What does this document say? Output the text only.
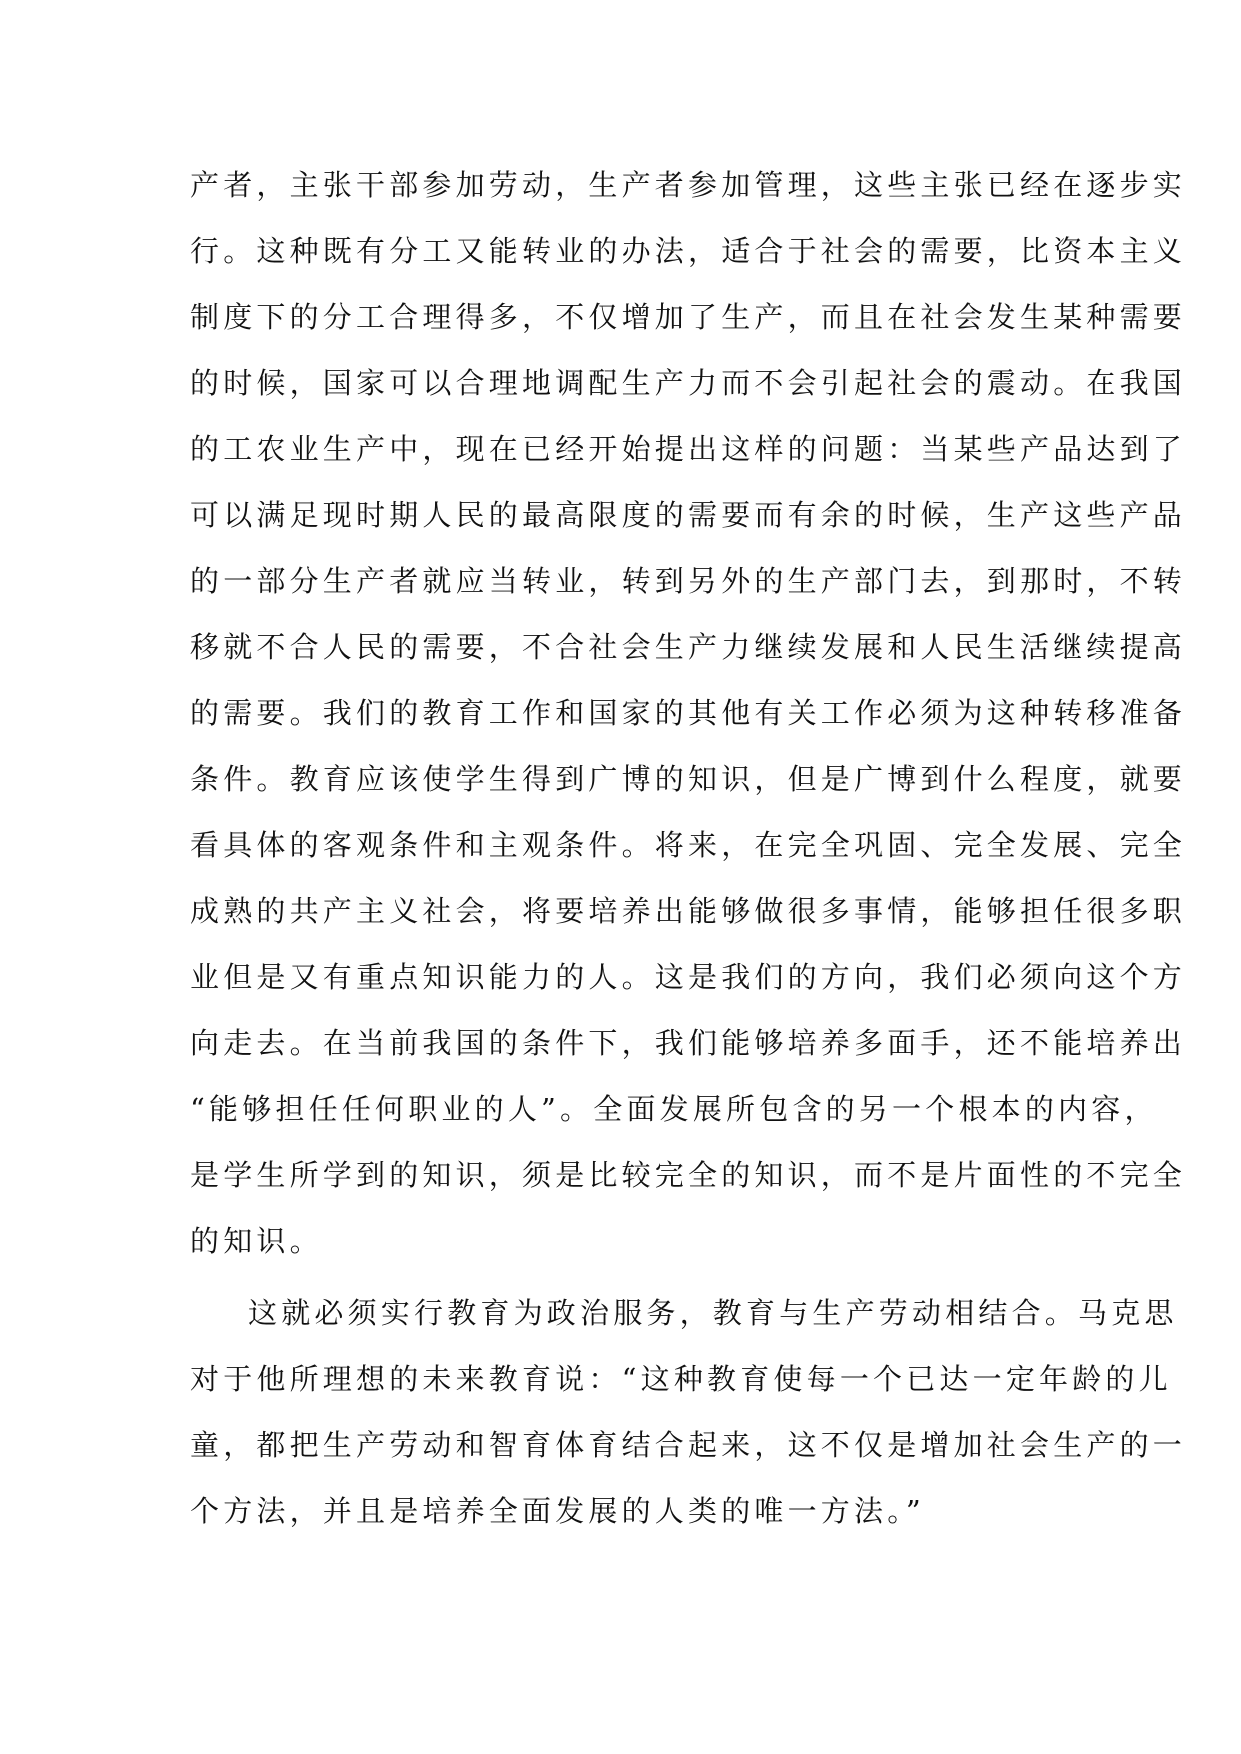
产者，主张干部参加劳动，生产者参加管理，这些主张已经在逐步实
行。这种既有分工又能转业的办法，适合于社会的需要，比资本主义
制度下的分工合理得多，不仅增加了生产，而且在社会发生某种需要
的时候，国家可以合理地调配生产力而不会引起社会的震动。在我国
的工农业生产中，现在已经开始提出这样的问题：当某些产品达到了
可以满足现时期人民的最高限度的需要而有余的时候，生产这些产品
的一部分生产者就应当转业，转到另外的生产部门去，到那时，不转
移就不合人民的需要，不合社会生产力继续发展和人民生活继续提高
的需要。我们的教育工作和国家的其他有关工作必须为这种转移准备
条件。教育应该使学生得到广博的知识，但是广博到什么程度，就要
看具体的客观条件和主观条件。将来，在完全巩固、完全发展、完全
成熟的共产主义社会，将要培养出能够做很多事情，能够担任很多职
业但是又有重点知识能力的人。这是我们的方向，我们必须向这个方
向走去。在当前我国的条件下，我们能够培养多面手，还不能培养出
“能够担任任何职业的人”。全面发展所包含的另一个根本的内容，
是学生所学到的知识，须是比较完全的知识，而不是片面性的不完全
的知识。
这就必须实行教育为政治服务，教育与生产劳动相结合。马克思
对于他所理想的未来教育说：“这种教育使每一个已达一定年龄的儿
童，都把生产劳动和智育体育结合起来，这不仅是增加社会生产的一
个方法，并且是培养全面发展的人类的唯一方法。”
